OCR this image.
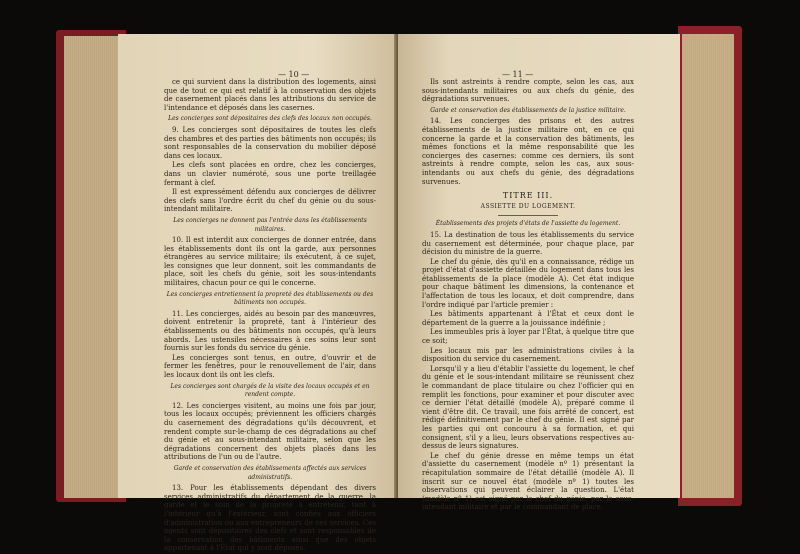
— 10 —

ce qui survient dans la distribution des logements, ainsi que de tout ce qui est relatif à la conservation des objets de casernement placés dans les attributions du service de l'intendance et déposés dans les casernes.

Les concierges sont dépositaires des clefs des locaux non occupés.

9. Les concierges sont dépositaires de toutes les clefs des chambres et des parties des bâtiments non occupés; ils sont responsables de la conservation du mobilier déposé dans ces locaux.

Les clefs sont placées en ordre, chez les concierges, dans un clavier numéroté, sous une porte treillagée fermant à clef.

Il est expressément défendu aux concierges de délivrer des clefs sans l'ordre écrit du chef du génie ou du sous-intendant militaire.

Les concierges ne donnent pas l'entrée dans les établissements militaires.

10. Il est interdit aux concierges de donner entrée, dans les établissements dont ils ont la garde, aux personnes étrangères au service militaire; ils exécutent, à ce sujet, les consignes que leur donnent, soit les commandants de place, soit les chefs du génie, soit les sous-intendants militaires, chacun pour ce qui le concerne.

Les concierges entretiennent la propreté des établissements ou des bâtiments non occupés.

11. Les concierges, aidés au besoin par des manœuvres, doivent entretenir la propreté, tant à l'intérieur des établissements ou des bâtiments non occupés, qu'à leurs abords. Les ustensiles nécessaires à ces soins leur sont fournis sur les fonds du service du génie.

Les concierges sont tenus, en outre, d'ouvrir et de fermer les fenêtres, pour le renouvellement de l'air, dans les locaux dont ils ont les clefs.

Les concierges sont chargés de la visite des locaux occupés et en rendent compte.

12. Les concierges visitent, au moins une fois par jour, tous les locaux occupés; préviennent les officiers chargés du casernement des dégradations qu'ils découvrent, et rendent compte sur-le-champ de ces dégradations au chef du génie et au sous-intendant militaire, selon que les dégradations concernent des objets placés dans les attributions de l'un ou de l'autre.

Garde et conservation des établissements affectés aux services administratifs.

13. Pour les établissements dépendant des divers services administratifs du département de la guerre, la garde et le soin de la propreté à entretenir, tant à l'intérieur qu'à l'extérieur, sont confiés aux officiers d'administration ou aux entrepreneurs de ces services. Ces agents sont dépositaires des clefs et sont responsables de la conservation des bâtiments ainsi que des objets appartenant à l'État qui y sont déposés.

— 11 —

Ils sont astreints à rendre compte, selon les cas, aux sous-intendants militaires ou aux chefs du génie, des dégradations survenues.

Garde et conservation des établissements de la justice militaire.

14. Les concierges des prisons et des autres établissements de la justice militaire ont, en ce qui concerne la garde et la conservation des bâtiments, les mêmes fonctions et la même responsabilité que les concierges des casernes: comme ces derniers, ils sont astreints à rendre compte, selon les cas, aux sous-intendants ou aux chefs du génie, des dégradations survenues.

TITRE III.

ASSIETTE DU LOGEMENT.

Établissements des projets d'états de l'assiette du logement.

15. La destination de tous les établissements du service du casernement est déterminée, pour chaque place, par décision du ministre de la guerre.

Le chef du génie, dès qu'il en a connaissance, rédige un projet d'état d'assiette détaillée du logement dans tous les établissements de la place (modèle A). Cet état indique pour chaque bâtiment les dimensions, la contenance et l'affectation de tous les locaux, et doit comprendre, dans l'ordre indiqué par l'article premier :

Les bâtiments appartenant à l'État et ceux dont le département de la guerre a la jouissance indéfinie ;

Les immeubles pris à loyer par l'État, à quelque titre que ce soit;

Les locaux mis par les administrations civiles à la disposition du service du casernement.

Lorsqu'il y a lieu d'établir l'assiette du logement, le chef du génie et le sous-intendant militaire se réunissent chez le commandant de place titulaire ou chez l'officier qui en remplit les fonctions, pour examiner et pour discuter avec ce dernier l'état détaillé (modèle A), préparé comme il vient d'être dit. Ce travail, une fois arrêté de concert, est rédigé définitivement par le chef du génie. Il est signé par les parties qui ont concouru à sa formation, et qui consignent, s'il y a lieu, leurs observations respectives au-dessus de leurs signatures.

Le chef du génie dresse en même temps un état d'assiette du casernement (modèle nº 1) présentant la récapitulation sommaire de l'état détaillé (modèle A). Il inscrit sur ce nouvel état (modèle nº 1) toutes les observations qui peuvent éclairer la question. L'état (modèle nº 1) est signé par le chef du génie, par le sous-intendant militaire et par le commandant de place.
